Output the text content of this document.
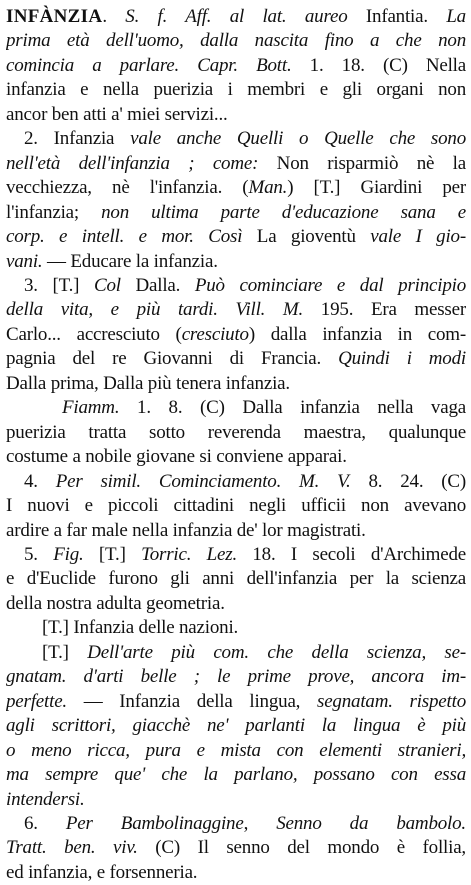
INFÀNZIA. S. f. Aff. al lat. aureo Infantia. La
prima età dell'uomo, dalla nascita fino a che non
comincia a parlare. Capr. Bott. 1. 18. (C) Nella
infanzia e nella puerizia i membri e gli organi non
ancor ben atti a' miei servizi...
2. Infanzia vale anche Quelli o Quelle che sono
nell'età dell'infanzia ; come: Non risparmiò nè la
vecchiezza, nè l'infanzia. (Man.) [T.] Giardini per
l'infanzia; non ultima parte d'educazione sana e
corp. e intell. e mor. Così La gioventù vale I gio-
vani. — Educare la infanzia.
3. [T.] Col Dalla. Può cominciare e dal principio
della vita, e più tardi. Vill. M. 195. Era messer
Carlo... accresciuto (cresciuto) dalla infanzia in com-
pagnia del re Giovanni di Francia. Quindi i modi
Dalla prima, Dalla più tenera infanzia.
Fiamm. 1. 8. (C) Dalla infanzia nella vaga
puerizia tratta sotto reverenda maestra, qualunque
costume a nobile giovane si conviene apparai.
4. Per simil. Cominciamento. M. V. 8. 24. (C)
I nuovi e piccoli cittadini negli ufficii non avevano
ardire a far male nella infanzia de' lor magistrati.
5. Fig. [T.] Torric. Lez. 18. I secoli d'Archimede
e d'Euclide furono gli anni dell'infanzia per la scienza
della nostra adulta geometria.
[T.] Infanzia delle nazioni.
[T.] Dell'arte più com. che della scienza, se-
gnatam. d'arti belle ; le prime prove, ancora im-
perfette. — Infanzia della lingua, segnatam. rispetto
agli scrittori, giacchè ne' parlanti la lingua è più
o meno ricca, pura e mista con elementi stranieri,
ma sempre que' che la parlano, possano con essa
intendersi.
6. Per Bambolinaggine, Senno da bambolo.
Tratt. ben. viv. (C) Il senno del mondo è follia,
ed infanzia, e forsenneria.
